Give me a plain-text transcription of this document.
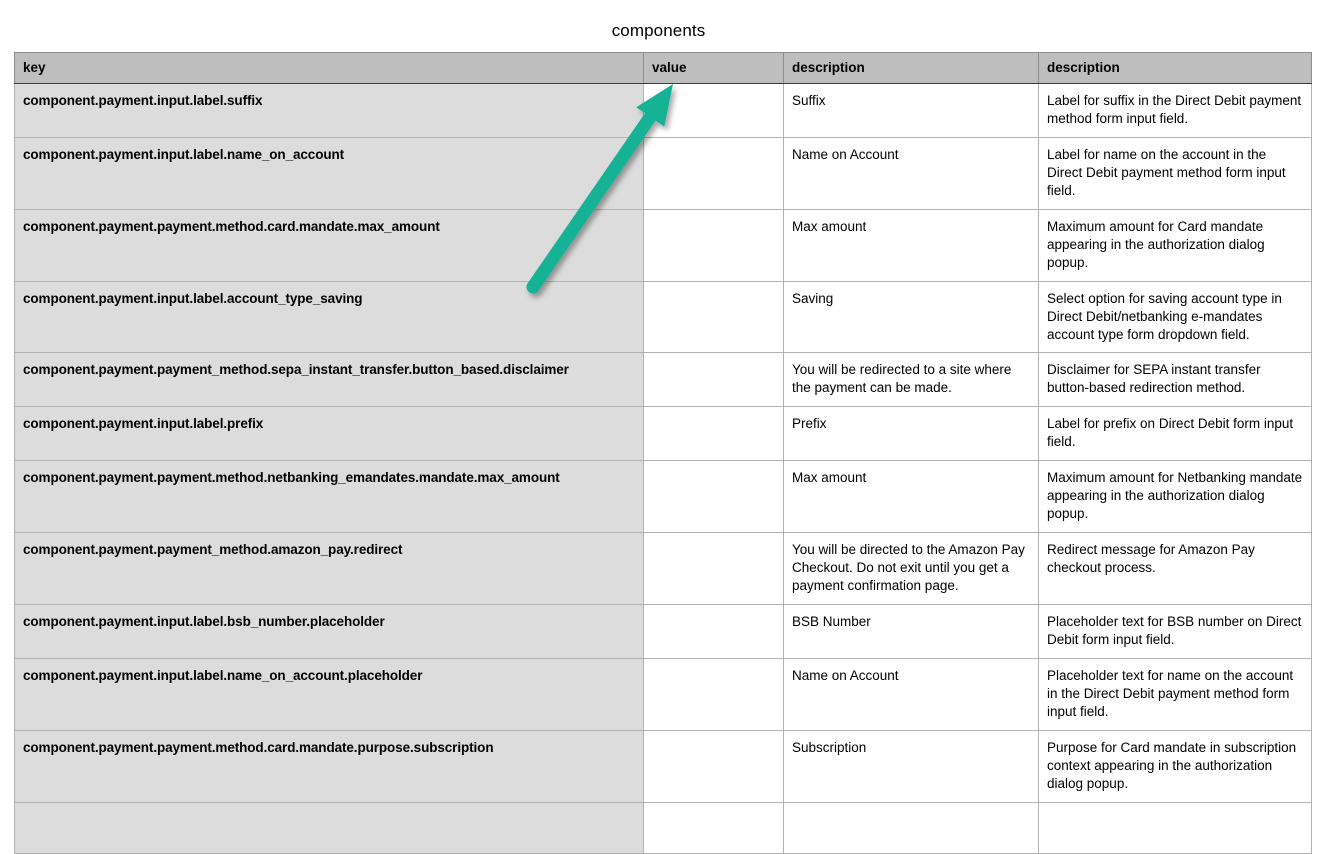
components
key	value	description	description
component.payment.input.label.suffix		Suffix	Label for suffix in the Direct Debit payment method form input field.
component.payment.input.label.name_on_account		Name on Account	Label for name on the account in the Direct Debit payment method form input field.
component.payment.payment.method.card.mandate.max_amount		Max amount	Maximum amount for Card mandate appearing in the authorization dialog popup.
component.payment.input.label.account_type_saving		Saving	Select option for saving account type in Direct Debit/netbanking e-mandates account type form dropdown field.
component.payment.payment_method.sepa_instant_transfer.button_based.disclaimer		You will be redirected to a site where the payment can be made.	Disclaimer for SEPA instant transfer button-based redirection method.
component.payment.input.label.prefix		Prefix	Label for prefix on Direct Debit form input field.
component.payment.payment.method.netbanking_emandates.mandate.max_amount		Max amount	Maximum amount for Netbanking mandate appearing in the authorization dialog popup.
component.payment.payment_method.amazon_pay.redirect		You will be directed to the Amazon Pay Checkout. Do not exit until you get a payment confirmation page.	Redirect message for Amazon Pay checkout process.
component.payment.input.label.bsb_number.placeholder		BSB Number	Placeholder text for BSB number on Direct Debit form input field.
component.payment.input.label.name_on_account.placeholder		Name on Account	Placeholder text for name on the account in the Direct Debit payment method form input field.
component.payment.payment.method.card.mandate.purpose.subscription		Subscription	Purpose for Card mandate in subscription context appearing in the authorization dialog popup.
